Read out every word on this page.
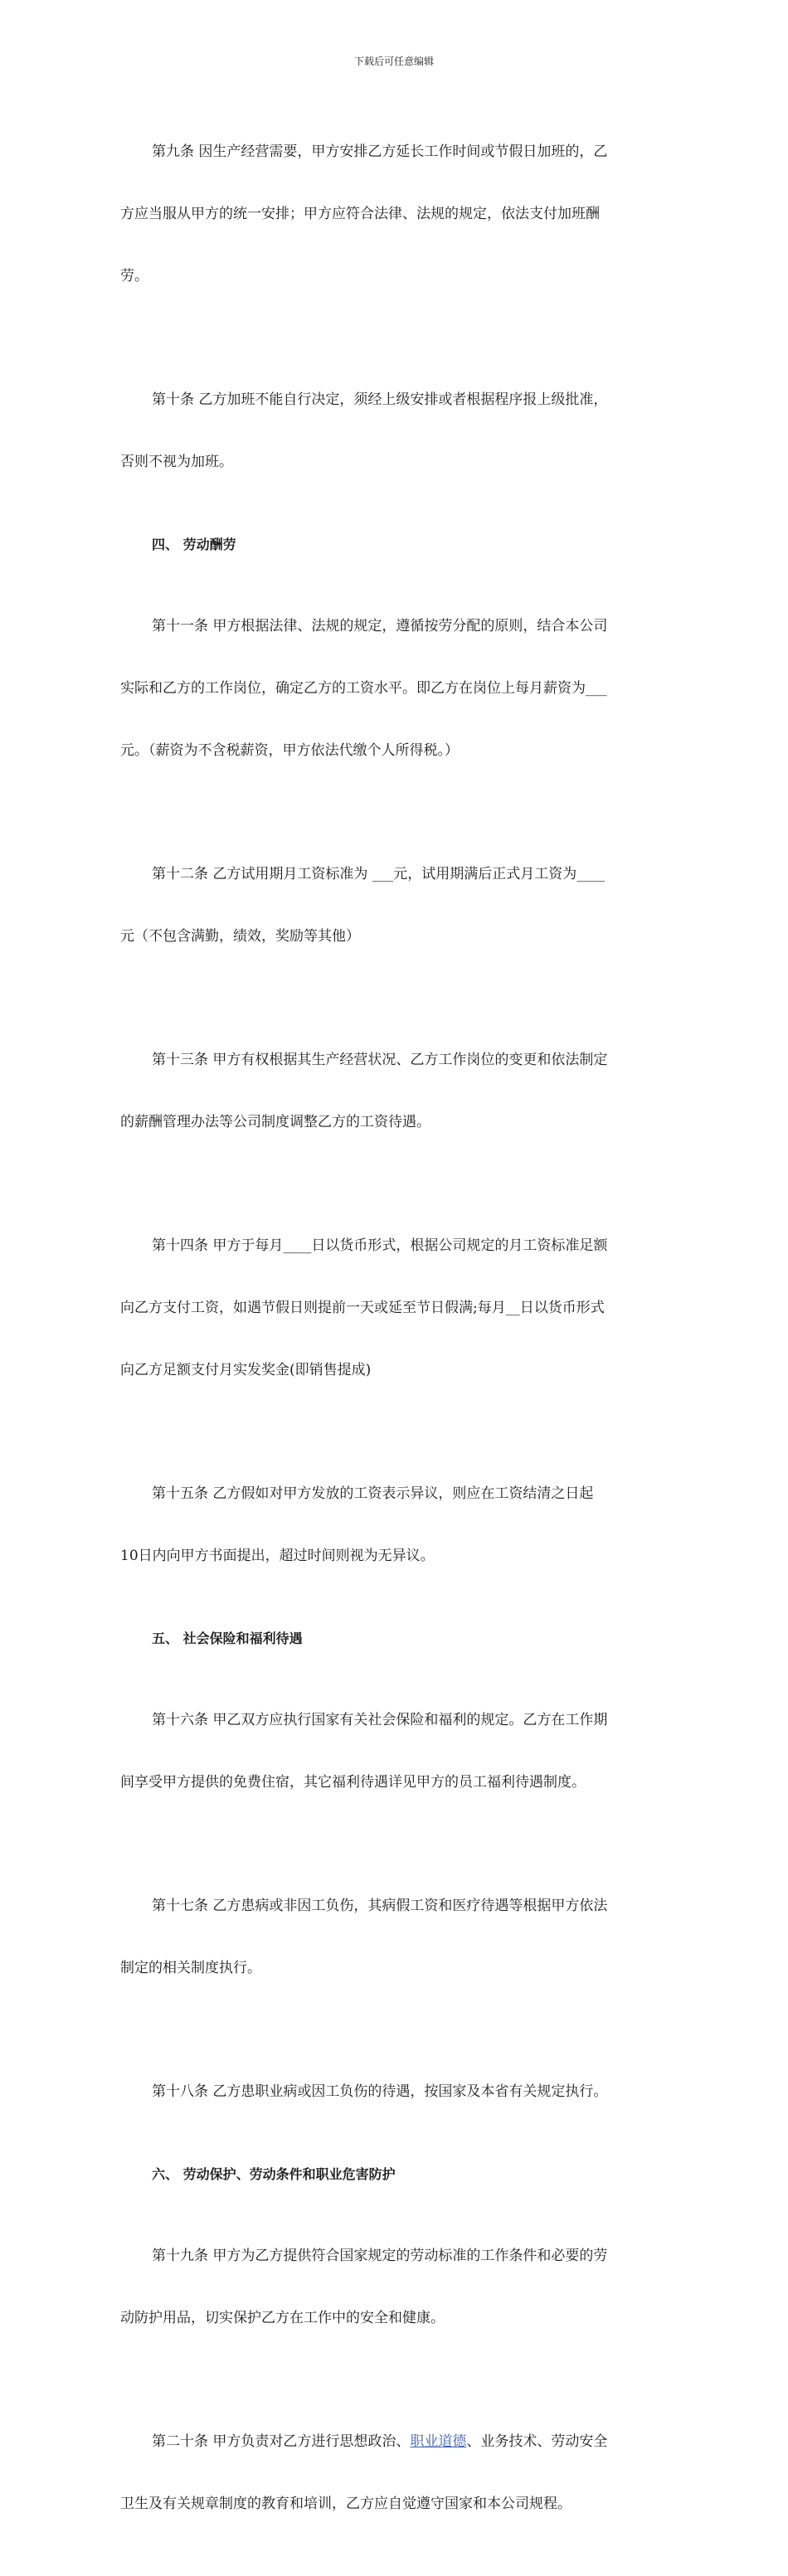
下载后可任意编辑

第九条 因生产经营需要，甲方安排乙方延长工作时间或节假日加班的，乙

方应当服从甲方的统一安排；甲方应符合法律、法规的规定，依法支付加班酬

劳。

第十条 乙方加班不能自行决定，须经上级安排或者根据程序报上级批准，

否则不视为加班。

四、 劳动酬劳

第十一条 甲方根据法律、法规的规定，遵循按劳分配的原则，结合本公司

实际和乙方的工作岗位，确定乙方的工资水平。即乙方在岗位上每月薪资为___

元。（薪资为不含税薪资，甲方依法代缴个人所得税。）

第十二条 乙方试用期月工资标准为 ___元，试用期满后正式月工资为____

元（不包含满勤，绩效，奖励等其他）

第十三条 甲方有权根据其生产经营状况、乙方工作岗位的变更和依法制定

的薪酬管理办法等公司制度调整乙方的工资待遇。

第十四条 甲方于每月____日以货币形式，根据公司规定的月工资标准足额

向乙方支付工资，如遇节假日则提前一天或延至节日假满;每月__日以货币形式

向乙方足额支付月实发奖金(即销售提成)

第十五条 乙方假如对甲方发放的工资表示异议，则应在工资结清之日起

10日内向甲方书面提出，超过时间则视为无异议。

五、 社会保险和福利待遇

第十六条 甲乙双方应执行国家有关社会保险和福利的规定。乙方在工作期

间享受甲方提供的免费住宿，其它福利待遇详见甲方的员工福利待遇制度。

第十七条 乙方患病或非因工负伤，其病假工资和医疗待遇等根据甲方依法

制定的相关制度执行。

第十八条 乙方患职业病或因工负伤的待遇，按国家及本省有关规定执行。

六、 劳动保护、劳动条件和职业危害防护

第十九条 甲方为乙方提供符合国家规定的劳动标准的工作条件和必要的劳

动防护用品，切实保护乙方在工作中的安全和健康。

第二十条 甲方负责对乙方进行思想政治、职业道德、业务技术、劳动安全

卫生及有关规章制度的教育和培训，乙方应自觉遵守国家和本公司规程。
